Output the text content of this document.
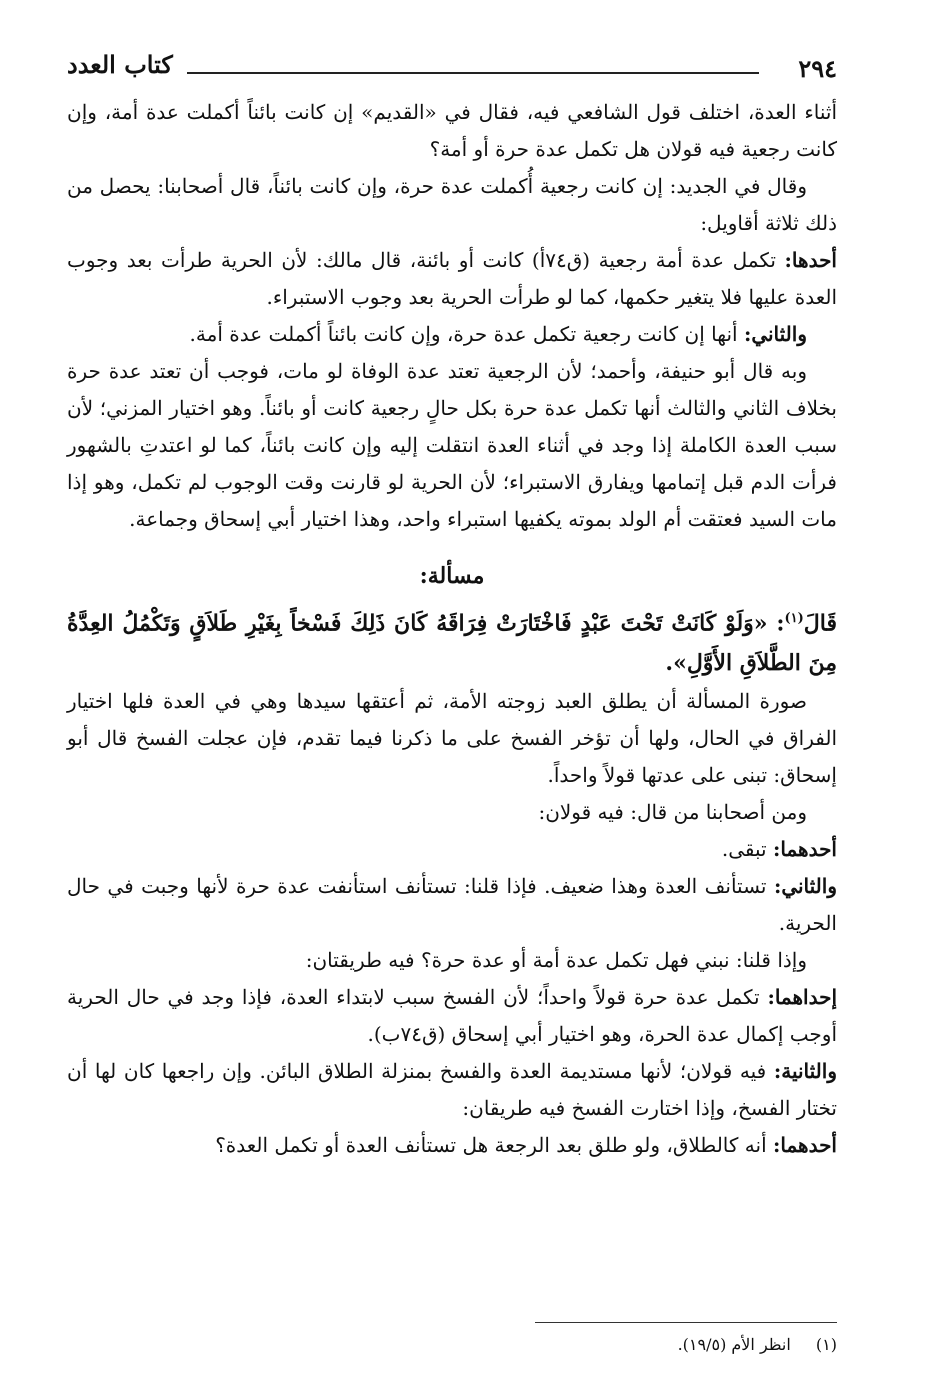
٢٩٤
كتاب العدد

أثناء العدة، اختلف قول الشافعي فيه، فقال في «القديم» إن كانت بائناً أكملت عدة أمة، وإن كانت رجعية فيه قولان هل تكمل عدة حرة أو أمة؟

وقال في الجديد: إن كانت رجعية أُكملت عدة حرة، وإن كانت بائناً، قال أصحابنا: يحصل من ذلك ثلاثة أقاويل:

أحدها: تكمل عدة أمة رجعية (ق٧٤أ) كانت أو بائنة، قال مالك: لأن الحرية طرأت بعد وجوب العدة عليها فلا يتغير حكمها، كما لو طرأت الحرية بعد وجوب الاستبراء.

والثاني: أنها إن كانت رجعية تكمل عدة حرة، وإن كانت بائناً أكملت عدة أمة.

وبه قال أبو حنيفة، وأحمد؛ لأن الرجعية تعتد عدة الوفاة لو مات، فوجب أن تعتد عدة حرة بخلاف الثاني والثالث أنها تكمل عدة حرة بكل حالٍ رجعية كانت أو بائناً. وهو اختيار المزني؛ لأن سبب العدة الكاملة إذا وجد في أثناء العدة انتقلت إليه وإن كانت بائناً، كما لو اعتدتِ بالشهور فرأت الدم قبل إتمامها ويفارق الاستبراء؛ لأن الحرية لو قارنت وقت الوجوب لم تكمل، وهو إذا مات السيد فعتقت أم الولد بموته يكفيها استبراء واحد، وهذا اختيار أبي إسحاق وجماعة.

مسألة:

قَالَ$^{(١)}$: «وَلَوْ كَانَتْ تَحْتَ عَبْدٍ فَاخْتَارَتْ فِرَاقَهُ كَانَ ذَلِكَ فَسْخاً بِغَيْرِ طَلاَقٍ وَتَكْمُلُ العِدَّةُ مِنَ الطَّلاَقِ الأَوَّلِ».

صورة المسألة أن يطلق العبد زوجته الأمة، ثم أعتقها سيدها وهي في العدة فلها اختيار الفراق في الحال، ولها أن تؤخر الفسخ على ما ذكرنا فيما تقدم، فإن عجلت الفسخ قال أبو إسحاق: تبنى على عدتها قولاً واحداً.

ومن أصحابنا من قال: فيه قولان:

أحدهما: تبقى.

والثاني: تستأنف العدة وهذا ضعيف. فإذا قلنا: تستأنف استأنفت عدة حرة لأنها وجبت في حال الحرية.

وإذا قلنا: نبني فهل تكمل عدة أمة أو عدة حرة؟ فيه طريقتان:

إحداهما: تكمل عدة حرة قولاً واحداً؛ لأن الفسخ سبب لابتداء العدة، فإذا وجد في حال الحرية أوجب إكمال عدة الحرة، وهو اختيار أبي إسحاق (ق٧٤ب).

والثانية: فيه قولان؛ لأنها مستديمة العدة والفسخ بمنزلة الطلاق البائن. وإن راجعها كان لها أن تختار الفسخ، وإذا اختارت الفسخ فيه طريقان:

أحدهما: أنه كالطلاق، ولو طلق بعد الرجعة هل تستأنف العدة أو تكمل العدة؟

(١) انظر الأم (١٩/٥).
